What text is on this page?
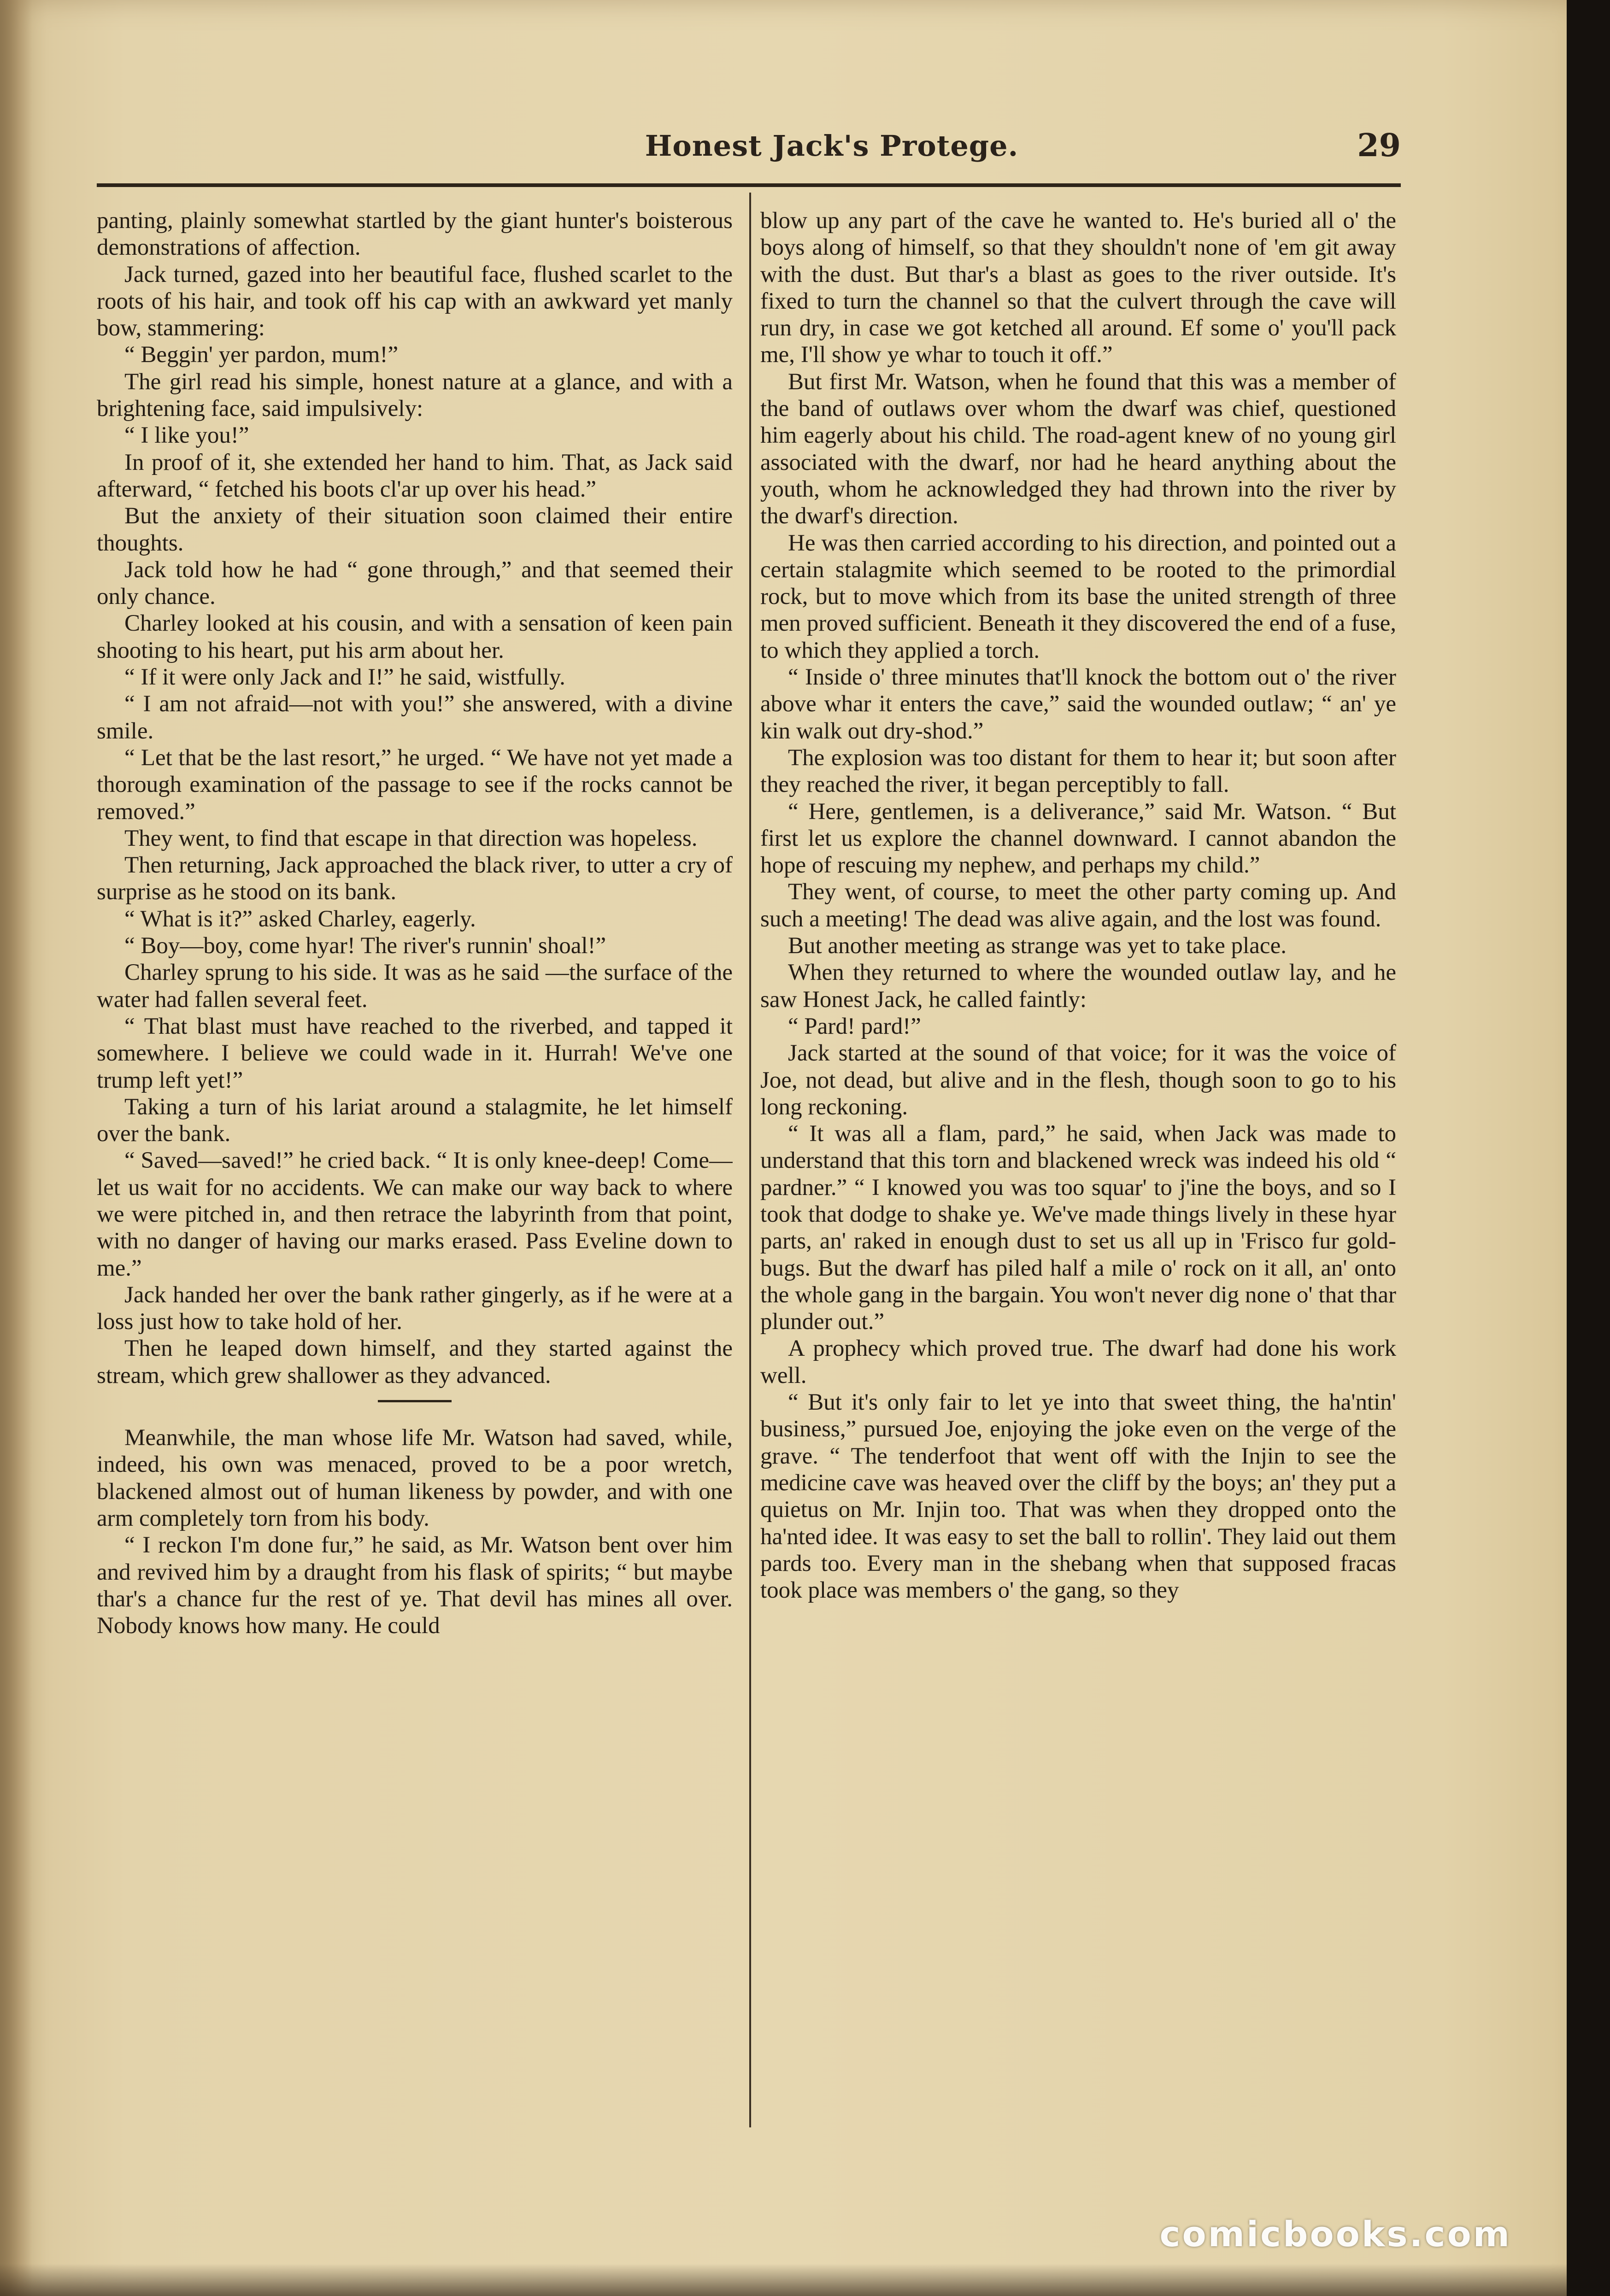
Honest Jack's Protege.	29

panting, plainly somewhat startled by the giant hunter's boisterous demonstrations of affection.

Jack turned, gazed into her beautiful face, flushed scarlet to the roots of his hair, and took off his cap with an awkward yet manly bow, stammering:

“ Beggin' yer pardon, mum!”

The girl read his simple, honest nature at a glance, and with a brightening face, said impulsively:

“ I like you!”

In proof of it, she extended her hand to him. That, as Jack said afterward, “ fetched his boots cl'ar up over his head.”

But the anxiety of their situation soon claimed their entire thoughts.

Jack told how he had “ gone through,” and that seemed their only chance.

Charley looked at his cousin, and with a sensation of keen pain shooting to his heart, put his arm about her.

“ If it were only Jack and I!” he said, wistfully.

“ I am not afraid—not with you!” she answered, with a divine smile.

“ Let that be the last resort,” he urged. “ We have not yet made a thorough examination of the passage to see if the rocks cannot be removed.”

They went, to find that escape in that direction was hopeless.

Then returning, Jack approached the black river, to utter a cry of surprise as he stood on its bank.

“ What is it?” asked Charley, eagerly.

“ Boy—boy, come hyar! The river's runnin' shoal!”

Charley sprung to his side. It was as he said —the surface of the water had fallen several feet.

“ That blast must have reached to the riverbed, and tapped it somewhere. I believe we could wade in it. Hurrah! We've one trump left yet!”

Taking a turn of his lariat around a stalagmite, he let himself over the bank.

“ Saved—saved!” he cried back. “ It is only knee-deep! Come—let us wait for no accidents. We can make our way back to where we were pitched in, and then retrace the labyrinth from that point, with no danger of having our marks erased. Pass Eveline down to me.”

Jack handed her over the bank rather gingerly, as if he were at a loss just how to take hold of her.

Then he leaped down himself, and they started against the stream, which grew shallower as they advanced.

Meanwhile, the man whose life Mr. Watson had saved, while, indeed, his own was menaced, proved to be a poor wretch, blackened almost out of human likeness by powder, and with one arm completely torn from his body.

“ I reckon I'm done fur,” he said, as Mr. Watson bent over him and revived him by a draught from his flask of spirits; “ but maybe thar's a chance fur the rest of ye. That devil has mines all over. Nobody knows how many. He could

blow up any part of the cave he wanted to. He's buried all o' the boys along of himself, so that they shouldn't none of 'em git away with the dust. But thar's a blast as goes to the river outside. It's fixed to turn the channel so that the culvert through the cave will run dry, in case we got ketched all around. Ef some o' you'll pack me, I'll show ye whar to touch it off.”

But first Mr. Watson, when he found that this was a member of the band of outlaws over whom the dwarf was chief, questioned him eagerly about his child. The road-agent knew of no young girl associated with the dwarf, nor had he heard anything about the youth, whom he acknowledged they had thrown into the river by the dwarf's direction.

He was then carried according to his direction, and pointed out a certain stalagmite which seemed to be rooted to the primordial rock, but to move which from its base the united strength of three men proved sufficient. Beneath it they discovered the end of a fuse, to which they applied a torch.

“ Inside o' three minutes that'll knock the bottom out o' the river above whar it enters the cave,” said the wounded outlaw; “ an' ye kin walk out dry-shod.”

The explosion was too distant for them to hear it; but soon after they reached the river, it began perceptibly to fall.

“ Here, gentlemen, is a deliverance,” said Mr. Watson. “ But first let us explore the channel downward. I cannot abandon the hope of rescuing my nephew, and perhaps my child.”

They went, of course, to meet the other party coming up. And such a meeting! The dead was alive again, and the lost was found.

But another meeting as strange was yet to take place.

When they returned to where the wounded outlaw lay, and he saw Honest Jack, he called faintly:

“ Pard! pard!”

Jack started at the sound of that voice; for it was the voice of Joe, not dead, but alive and in the flesh, though soon to go to his long reckoning.

“ It was all a flam, pard,” he said, when Jack was made to understand that this torn and blackened wreck was indeed his old “ pardner.” “ I knowed you was too squar' to j'ine the boys, and so I took that dodge to shake ye. We've made things lively in these hyar parts, an' raked in enough dust to set us all up in 'Frisco fur gold-bugs. But the dwarf has piled half a mile o' rock on it all, an' onto the whole gang in the bargain. You won't never dig none o' that thar plunder out.”

A prophecy which proved true. The dwarf had done his work well.

“ But it's only fair to let ye into that sweet thing, the ha'ntin' business,” pursued Joe, enjoying the joke even on the verge of the grave. “ The tenderfoot that went off with the Injin to see the medicine cave was heaved over the cliff by the boys; an' they put a quietus on Mr. Injin too. That was when they dropped onto the ha'nted idee. It was easy to set the ball to rollin'. They laid out them pards too. Every man in the shebang when that supposed fracas took place was members o' the gang, so they

comicbooks.com
